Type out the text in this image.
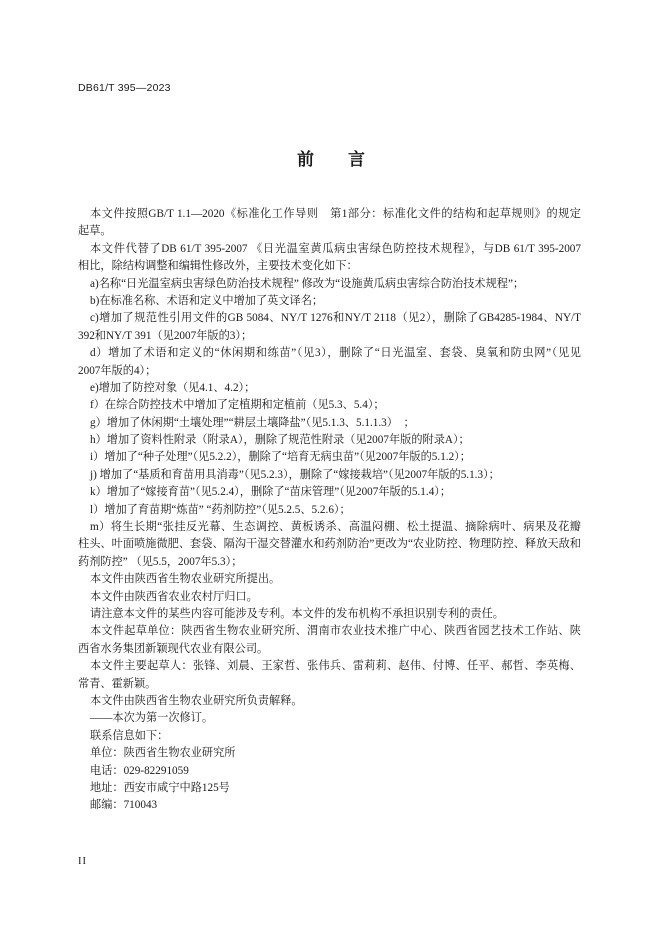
DB61/T 395—2023
前　　言
本文件按照GB/T 1.1—2020《标准化工作导则　第1部分：标准化文件的结构和起草规则》的规定
起草。
本文件代替了DB 61/T 395-2007 《日光温室黄瓜病虫害绿色防控技术规程》，与DB 61/T 395-2007
相比，除结构调整和编辑性修改外，主要技术变化如下：
a)名称“日光温室病虫害绿色防治技术规程” 修改为“设施黄瓜病虫害综合防治技术规程”；
b)在标准名称、术语和定义中增加了英文译名；
c)增加了规范性引用文件的GB 5084、NY/T 1276和NY/T 2118（见2），删除了GB4285-1984、NY/T
392和NY/T 391（见2007年版的3）；
d）增加了术语和定义的“休闲期和练苗”（见3），删除了“日光温室、套袋、臭氧和防虫网”（见见
2007年版的4）；
e)增加了防控对象（见4.1、4.2）；
f）在综合防控技术中增加了定植期和定植前（见5.3、5.4）；
g）增加了休闲期“土壤处理”“耕层土壤降盐”（见5.1.3、5.1.1.3）　；
h）增加了资料性附录（附录A），删除了规范性附录（见2007年版的附录A）；
i）增加了“种子处理”（见5.2.2），删除了“培育无病虫苗”（见2007年版的5.1.2）；
j) 增加了“基质和育苗用具消毒”（见5.2.3），删除了“嫁接栽培”（见2007年版的5.1.3）；
k）增加了“嫁接育苗”（见5.2.4），删除了“苗床管理”（见2007年版的5.1.4）；
l）增加了育苗期“炼苗” “药剂防控”（见5.2.5、5.2.6）；
m）将生长期“张挂反光幕、生态调控、黄板诱杀、高温闷棚、松土提温、摘除病叶、病果及花瓣
柱头、叶面喷施微肥、套袋、隔沟干湿交替灌水和药剂防治”更改为“农业防控、物理防控、释放天敌和
药剂防控” （见5.5，2007年5.3）；
本文件由陕西省生物农业研究所提出。
本文件由陕西省农业农村厅归口。
请注意本文件的某些内容可能涉及专利。本文件的发布机构不承担识别专利的责任。
本文件起草单位：陕西省生物农业研究所、渭南市农业技术推广中心、陕西省园艺技术工作站、陕
西省水务集团新颖现代农业有限公司。
本文件主要起草人：张锋、刘晨、王家哲、张伟兵、雷莉莉、赵伟、付博、任平、郝哲、李英梅、
常青、霍新颖。
本文件由陕西省生物农业研究所负责解释。
——本次为第一次修订。
联系信息如下：
单位：陕西省生物农业研究所
电话：029-82291059
地址：西安市咸宁中路125号
邮编：710043
II
